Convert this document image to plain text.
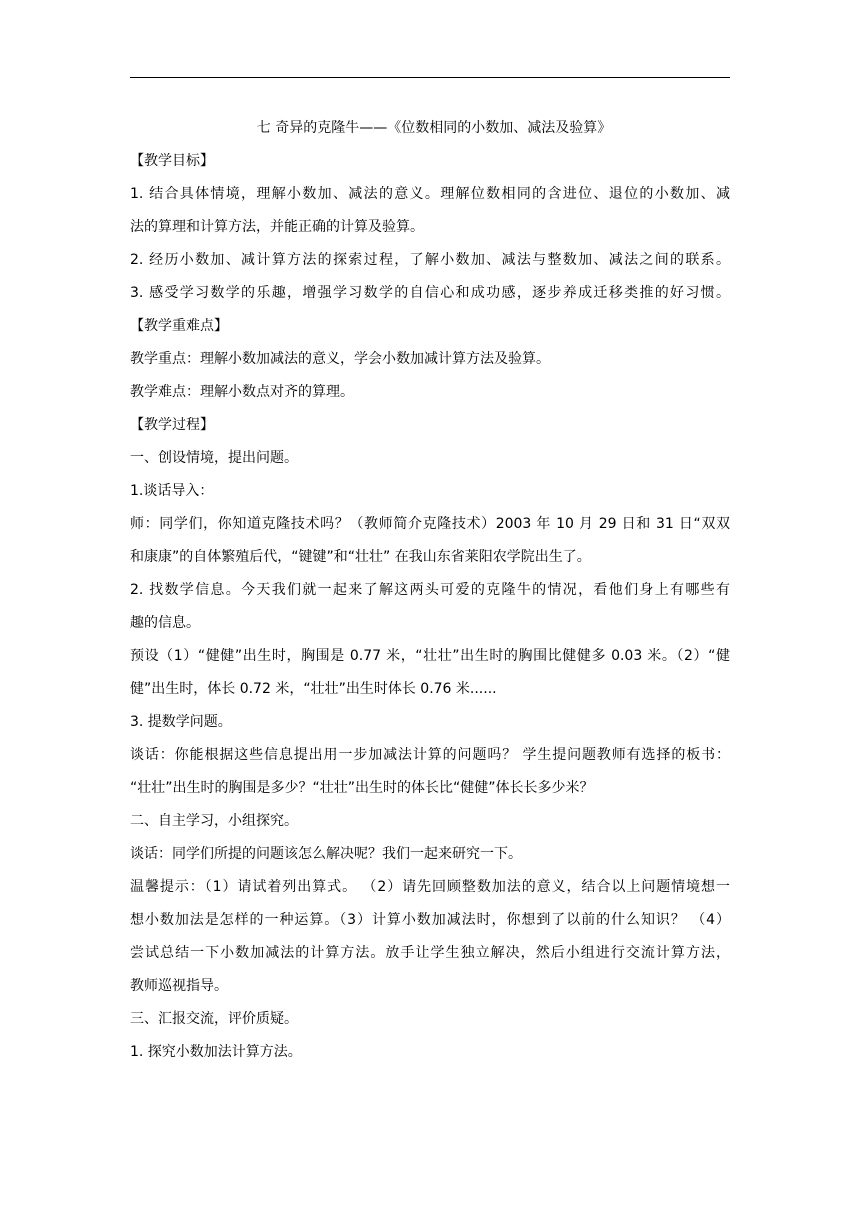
七 奇异的克隆牛——《位数相同的小数加、减法及验算》
【教学目标】
1. 结合具体情境，理解小数加、减法的意义。理解位数相同的含进位、退位的小数加、减
法的算理和计算方法，并能正确的计算及验算。
2. 经历小数加、减计算方法的探索过程，了解小数加、减法与整数加、减法之间的联系。
3. 感受学习数学的乐趣，增强学习数学的自信心和成功感，逐步养成迁移类推的好习惯。
【教学重难点】
教学重点：理解小数加减法的意义，学会小数加减计算方法及验算。
教学难点：理解小数点对齐的算理。
【教学过程】
一、创设情境，提出问题。
1.谈话导入：
师：同学们，你知道克隆技术吗？（教师简介克隆技术）2003 年 10 月 29 日和 31 日“双双
和康康”的自体繁殖后代，“键键”和“壮壮” 在我山东省莱阳农学院出生了。
2. 找数学信息。今天我们就一起来了解这两头可爱的克隆牛的情况，看他们身上有哪些有
趣的信息。
预设（1）“健健”出生时，胸围是 0.77 米，“壮壮”出生时的胸围比健健多 0.03 米。（2）“健
健”出生时，体长 0.72 米，“壮壮”出生时体长 0.76 米......
3. 提数学问题。
谈话：你能根据这些信息提出用一步加减法计算的问题吗？ 学生提问题教师有选择的板书：
“壮壮”出生时的胸围是多少？“壮壮”出生时的体长比“健健”体长长多少米？
二、自主学习，小组探究。
谈话：同学们所提的问题该怎么解决呢？我们一起来研究一下。
温馨提示：（1）请试着列出算式。 （2）请先回顾整数加法的意义，结合以上问题情境想一
想小数加法是怎样的一种运算。（3）计算小数加减法时，你想到了以前的什么知识？ （4）
尝试总结一下小数加减法的计算方法。放手让学生独立解决，然后小组进行交流计算方法，
教师巡视指导。
三、汇报交流，评价质疑。
1. 探究小数加法计算方法。
